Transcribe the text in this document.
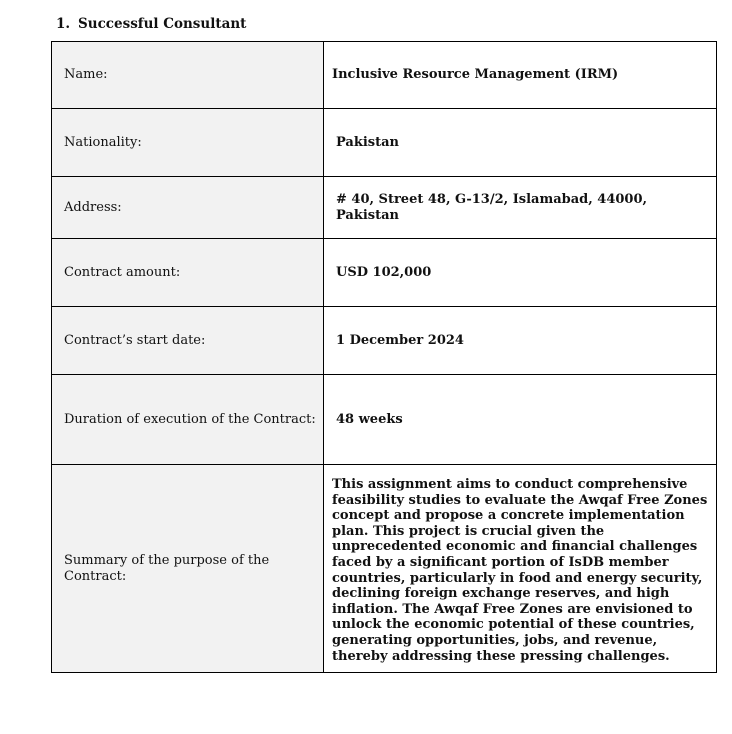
1. Successful Consultant
Name:	Inclusive Resource Management (IRM)
Nationality:	Pakistan
Address:	# 40, Street 48, G-13/2, Islamabad, 44000, Pakistan
Contract amount:	USD 102,000
Contract’s start date:	1 December 2024
Duration of execution of the Contract:	48 weeks
Summary of the purpose of the Contract:	This assignment aims to conduct comprehensive feasibility studies to evaluate the Awqaf Free Zones concept and propose a concrete implementation plan. This project is crucial given the unprecedented economic and financial challenges faced by a significant portion of IsDB member countries, particularly in food and energy security, declining foreign exchange reserves, and high inflation. The Awqaf Free Zones are envisioned to unlock the economic potential of these countries, generating opportunities, jobs, and revenue, thereby addressing these pressing challenges.
